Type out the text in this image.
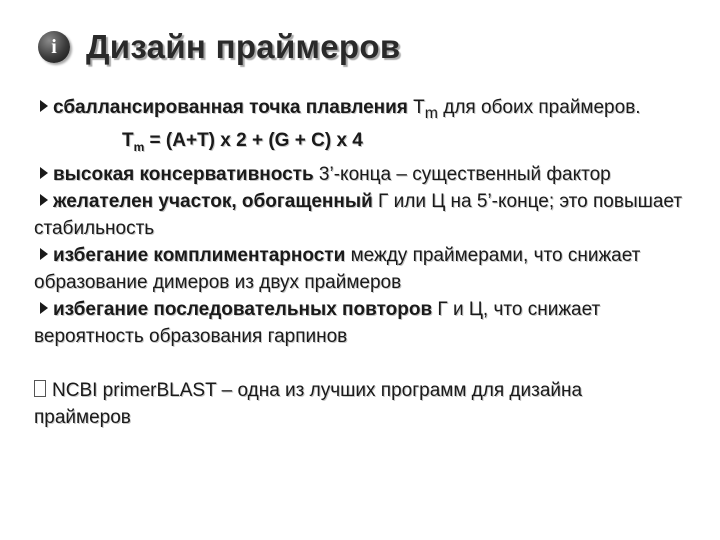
i Дизайн праймеров

сбаллансированная точка плавления $Т_m$ для обоих праймеров.

$Т_m = (A+T)$ x 2 + (G + C) x 4

высокая консервативность 3’-конца – существенный фактор

желателен участок, обогащенный Г или Ц на 5’-конце; это повышает стабильность

избегание комплиментарности между праймерами, что снижает образование димеров из двух праймеров

избегание последовательных повторов Г и Ц, что снижает вероятность образования гарпинов

NCBI primerBLAST – одна из лучших программ для дизайна праймеров
